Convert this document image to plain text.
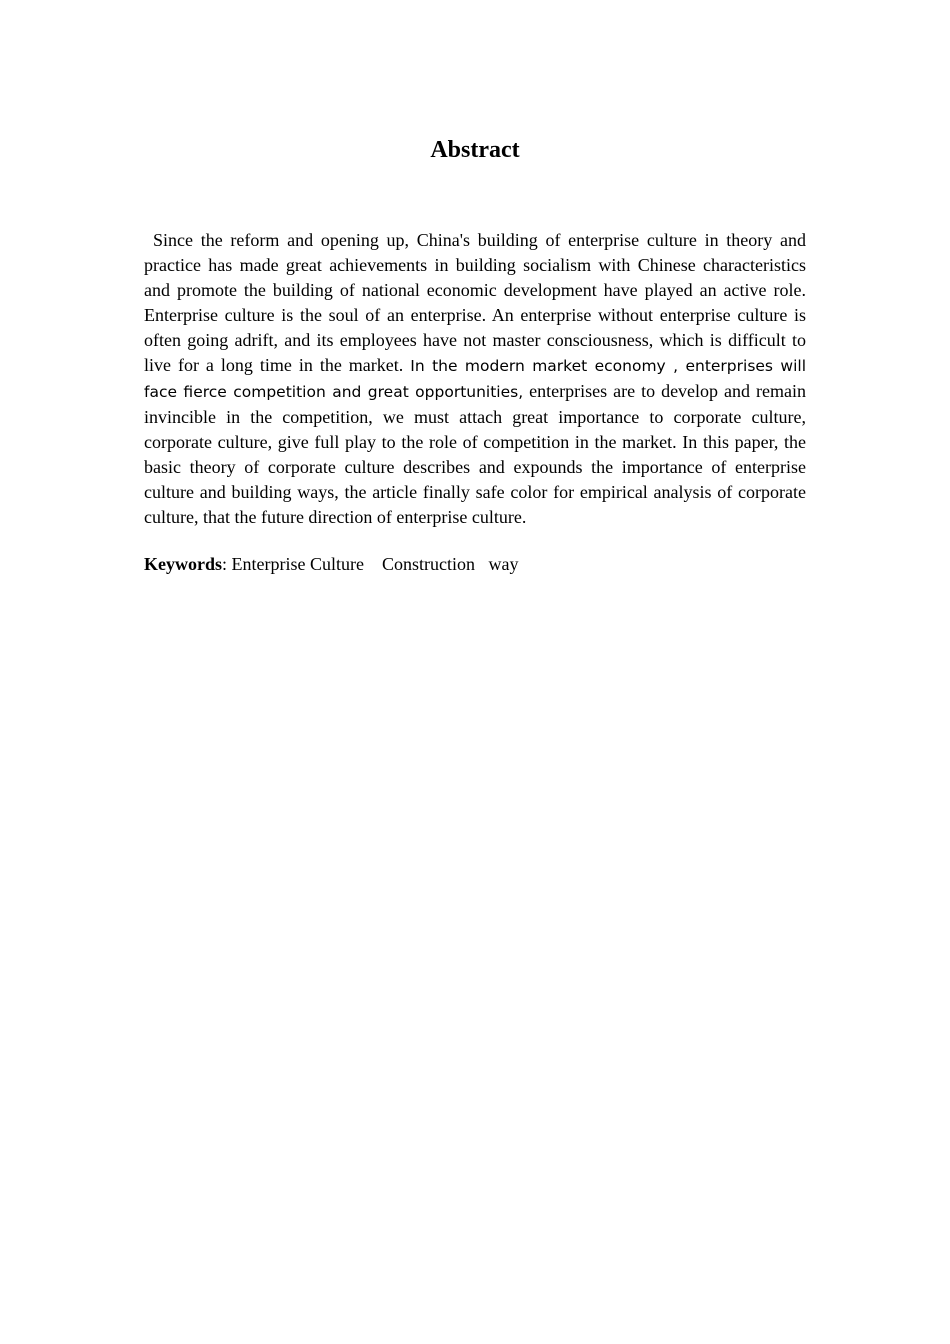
Abstract

Since the reform and opening up, China's building of enterprise culture in theory and practice has made great achievements in building socialism with Chinese characteristics and promote the building of national economic development have played an active role. Enterprise culture is the soul of an enterprise. An enterprise without enterprise culture is often going adrift, and its employees have not master consciousness, which is difficult to live for a long time in the market. In the modern market economy , enterprises will face fierce competition and great opportunities, enterprises are to develop and remain invincible in the competition, we must attach great importance to corporate culture, corporate culture, give full play to the role of competition in the market. In this paper, the basic theory of corporate culture describes and expounds the importance of enterprise culture and building ways, the article finally safe color for empirical analysis of corporate culture, that the future direction of enterprise culture.

Keywords: Enterprise Culture    Construction   way
